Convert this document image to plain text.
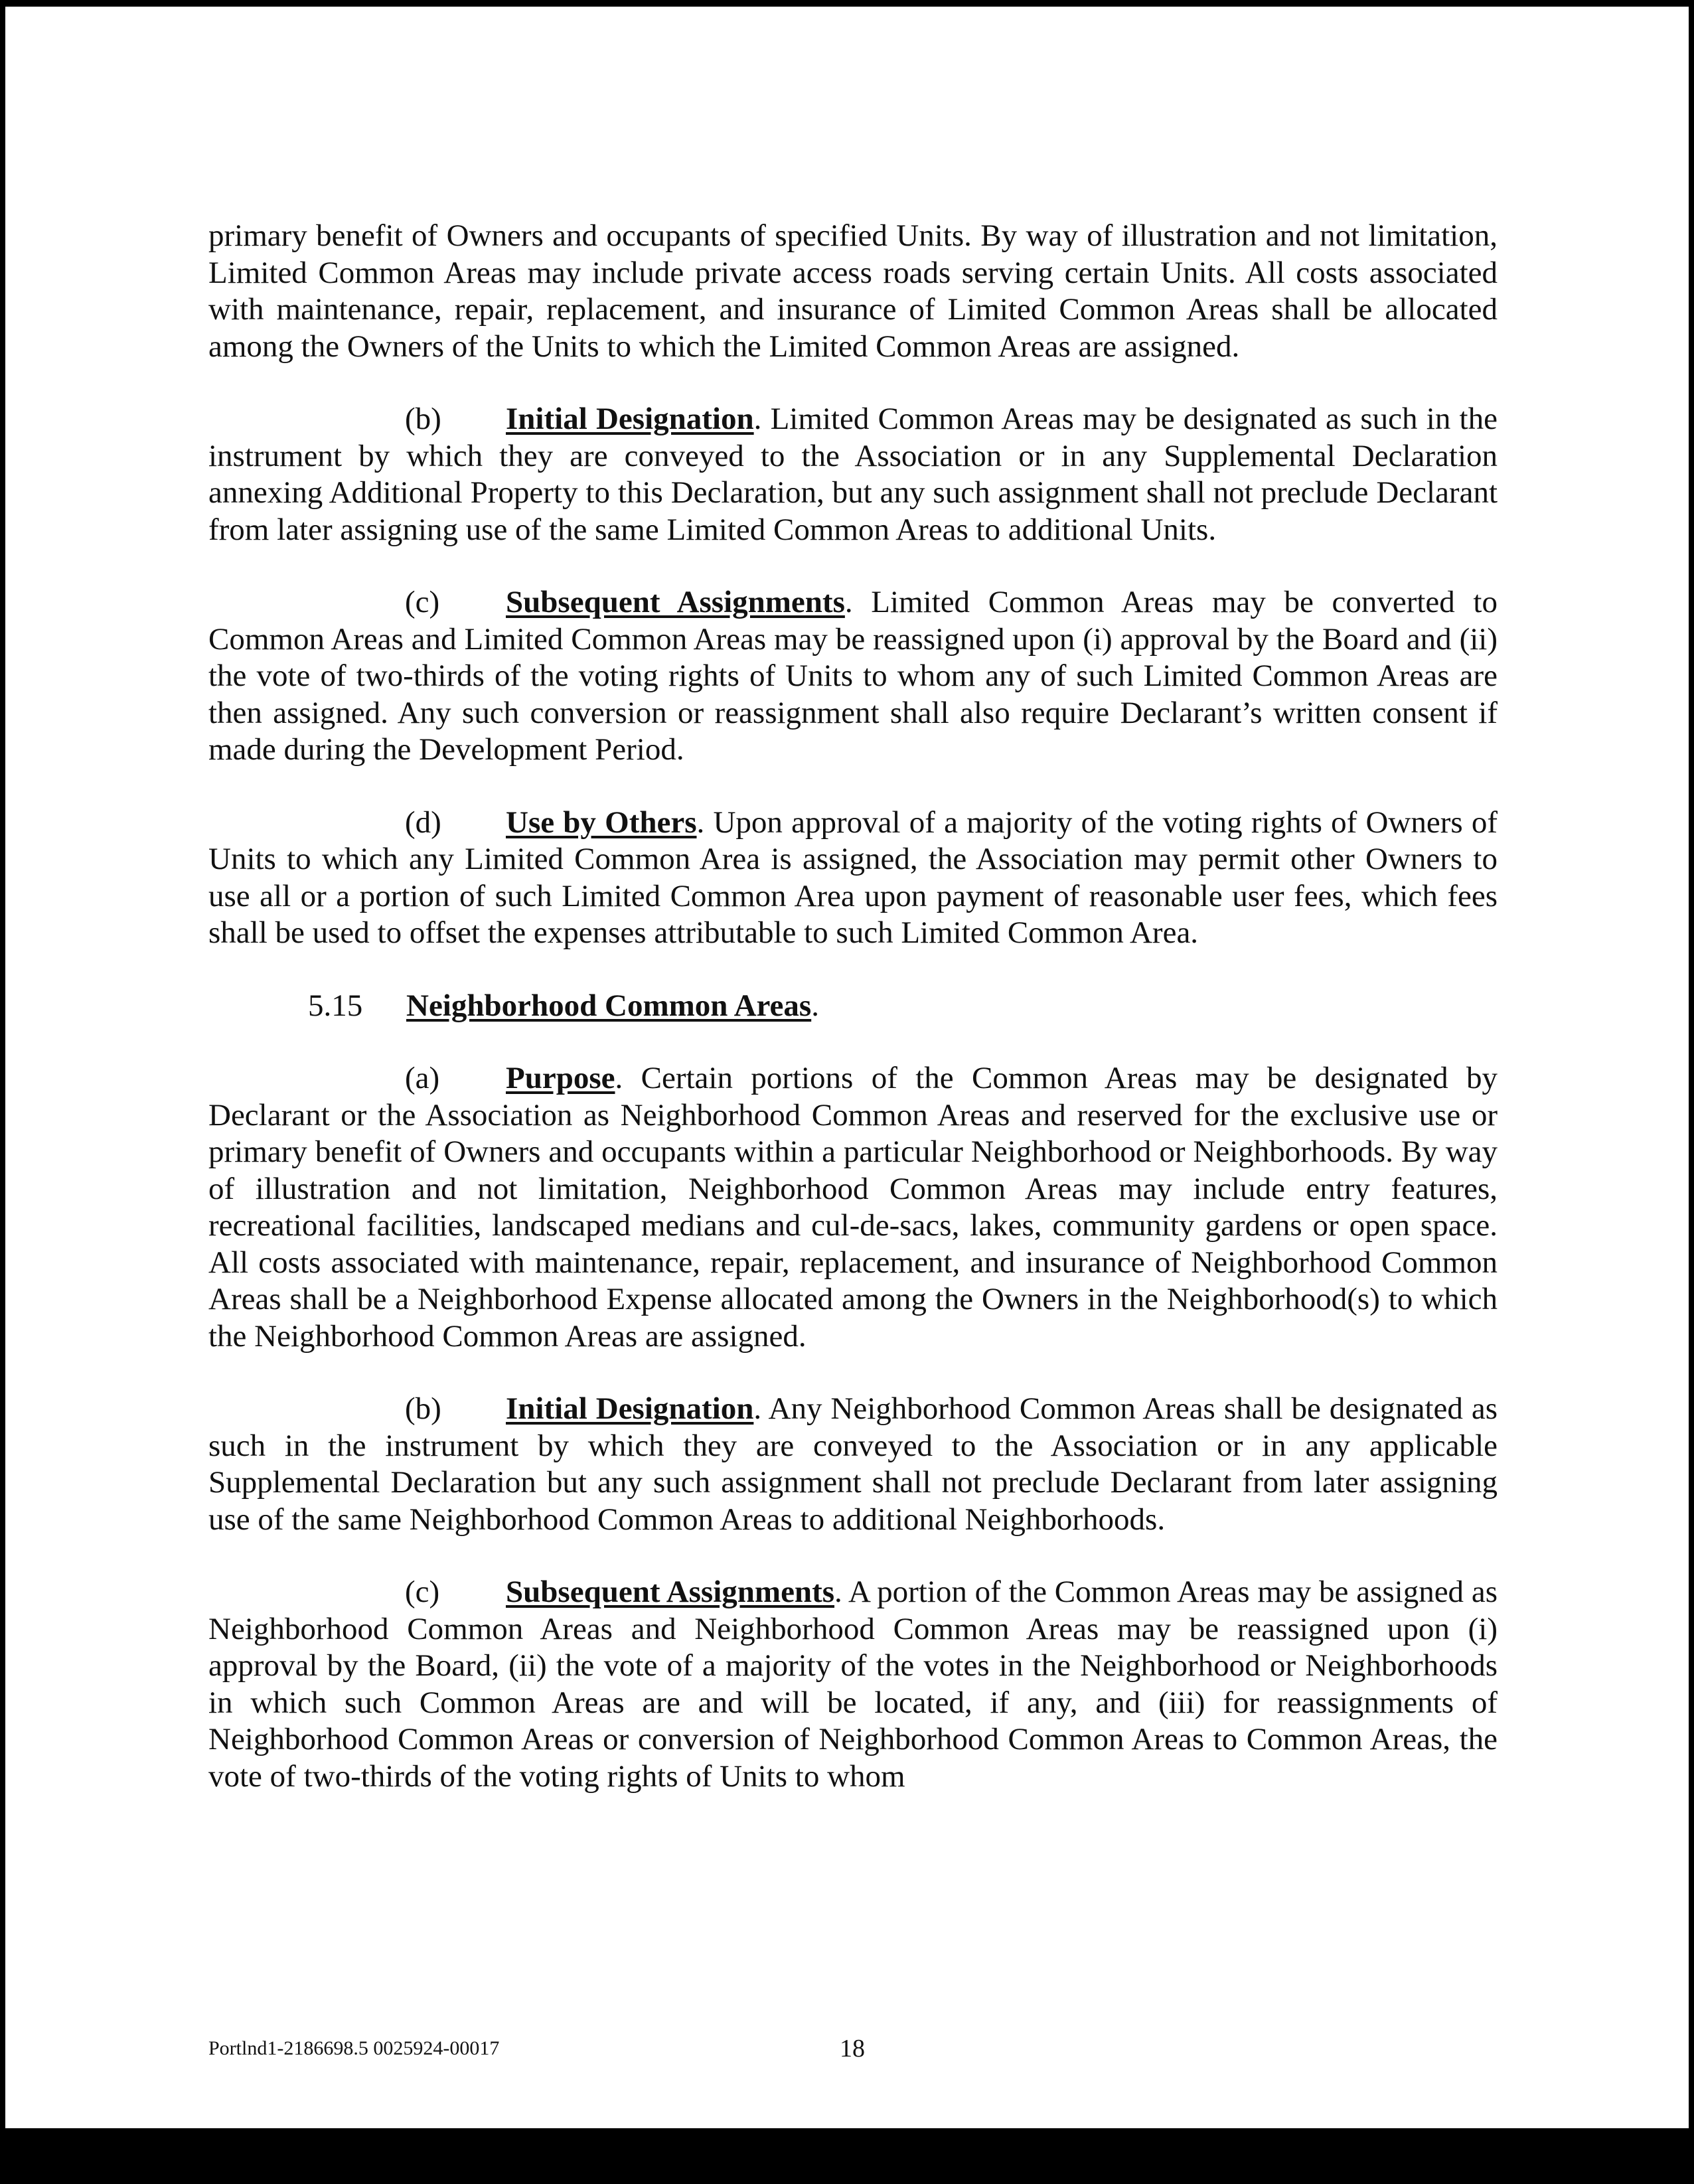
primary benefit of Owners and occupants of specified Units. By way of illustration and not limitation, Limited Common Areas may include private access roads serving certain Units. All costs associated with maintenance, repair, replacement, and insurance of Limited Common Areas shall be allocated among the Owners of the Units to which the Limited Common Areas are assigned.

(b) Initial Designation. Limited Common Areas may be designated as such in the instrument by which they are conveyed to the Association or in any Supplemental Declaration annexing Additional Property to this Declaration, but any such assignment shall not preclude Declarant from later assigning use of the same Limited Common Areas to additional Units.

(c) Subsequent Assignments. Limited Common Areas may be converted to Common Areas and Limited Common Areas may be reassigned upon (i) approval by the Board and (ii) the vote of two-thirds of the voting rights of Units to whom any of such Limited Common Areas are then assigned. Any such conversion or reassignment shall also require Declarant’s written consent if made during the Development Period.

(d) Use by Others. Upon approval of a majority of the voting rights of Owners of Units to which any Limited Common Area is assigned, the Association may permit other Owners to use all or a portion of such Limited Common Area upon payment of reasonable user fees, which fees shall be used to offset the expenses attributable to such Limited Common Area.

5.15 Neighborhood Common Areas.

(a) Purpose. Certain portions of the Common Areas may be designated by Declarant or the Association as Neighborhood Common Areas and reserved for the exclusive use or primary benefit of Owners and occupants within a particular Neighborhood or Neighborhoods. By way of illustration and not limitation, Neighborhood Common Areas may include entry features, recreational facilities, landscaped medians and cul-de-sacs, lakes, community gardens or open space. All costs associated with maintenance, repair, replacement, and insurance of Neighborhood Common Areas shall be a Neighborhood Expense allocated among the Owners in the Neighborhood(s) to which the Neighborhood Common Areas are assigned.

(b) Initial Designation. Any Neighborhood Common Areas shall be designated as such in the instrument by which they are conveyed to the Association or in any applicable Supplemental Declaration but any such assignment shall not preclude Declarant from later assigning use of the same Neighborhood Common Areas to additional Neighborhoods.

(c) Subsequent Assignments. A portion of the Common Areas may be assigned as Neighborhood Common Areas and Neighborhood Common Areas may be reassigned upon (i) approval by the Board, (ii) the vote of a majority of the votes in the Neighborhood or Neighborhoods in which such Common Areas are and will be located, if any, and (iii) for reassignments of Neighborhood Common Areas or conversion of Neighborhood Common Areas to Common Areas, the vote of two-thirds of the voting rights of Units to whom

Portlnd1-2186698.5 0025924-00017	18
